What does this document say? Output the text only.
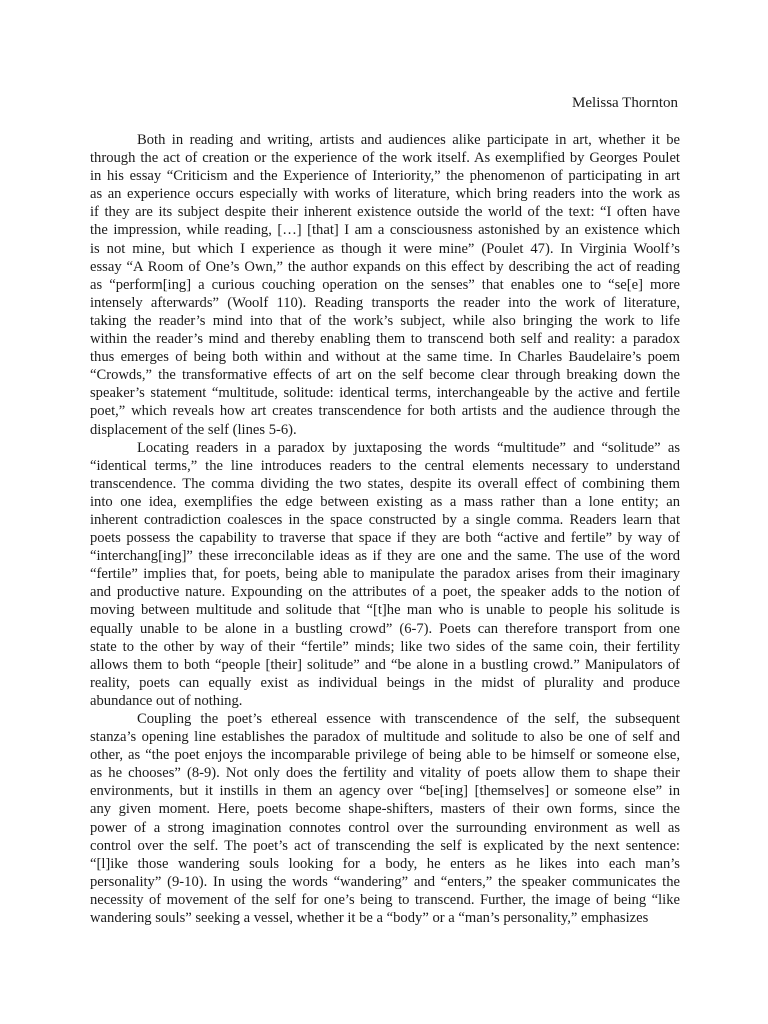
Melissa Thornton
Both in reading and writing, artists and audiences alike participate in art, whether it be
through the act of creation or the experience of the work itself. As exemplified by Georges Poulet
in his essay “Criticism and the Experience of Interiority,” the phenomenon of participating in art
as an experience occurs especially with works of literature, which bring readers into the work as
if they are its subject despite their inherent existence outside the world of the text: “I often have
the impression, while reading, […] [that] I am a consciousness astonished by an existence which
is not mine, but which I experience as though it were mine” (Poulet 47). In Virginia Woolf’s
essay “A Room of One’s Own,” the author expands on this effect by describing the act of reading
as “perform[ing] a curious couching operation on the senses” that enables one to “se[e] more
intensely afterwards” (Woolf 110). Reading transports the reader into the work of literature,
taking the reader’s mind into that of the work’s subject, while also bringing the work to life
within the reader’s mind and thereby enabling them to transcend both self and reality: a paradox
thus emerges of being both within and without at the same time. In Charles Baudelaire’s poem
“Crowds,” the transformative effects of art on the self become clear through breaking down the
speaker’s statement “multitude, solitude: identical terms, interchangeable by the active and fertile
poet,” which reveals how art creates transcendence for both artists and the audience through the
displacement of the self (lines 5-6).
Locating readers in a paradox by juxtaposing the words “multitude” and “solitude” as
“identical terms,” the line introduces readers to the central elements necessary to understand
transcendence. The comma dividing the two states, despite its overall effect of combining them
into one idea, exemplifies the edge between existing as a mass rather than a lone entity; an
inherent contradiction coalesces in the space constructed by a single comma. Readers learn that
poets possess the capability to traverse that space if they are both “active and fertile” by way of
“interchang[ing]” these irreconcilable ideas as if they are one and the same. The use of the word
“fertile” implies that, for poets, being able to manipulate the paradox arises from their imaginary
and productive nature. Expounding on the attributes of a poet, the speaker adds to the notion of
moving between multitude and solitude that “[t]he man who is unable to people his solitude is
equally unable to be alone in a bustling crowd” (6-7). Poets can therefore transport from one
state to the other by way of their “fertile” minds; like two sides of the same coin, their fertility
allows them to both “people [their] solitude” and “be alone in a bustling crowd.” Manipulators of
reality, poets can equally exist as individual beings in the midst of plurality and produce
abundance out of nothing.
Coupling the poet’s ethereal essence with transcendence of the self, the subsequent
stanza’s opening line establishes the paradox of multitude and solitude to also be one of self and
other, as “the poet enjoys the incomparable privilege of being able to be himself or someone else,
as he chooses” (8-9). Not only does the fertility and vitality of poets allow them to shape their
environments, but it instills in them an agency over “be[ing] [themselves] or someone else” in
any given moment. Here, poets become shape-shifters, masters of their own forms, since the
power of a strong imagination connotes control over the surrounding environment as well as
control over the self. The poet’s act of transcending the self is explicated by the next sentence:
“[l]ike those wandering souls looking for a body, he enters as he likes into each man’s
personality” (9-10). In using the words “wandering” and “enters,” the speaker communicates the
necessity of movement of the self for one’s being to transcend. Further, the image of being “like
wandering souls” seeking a vessel, whether it be a “body” or a “man’s personality,” emphasizes
